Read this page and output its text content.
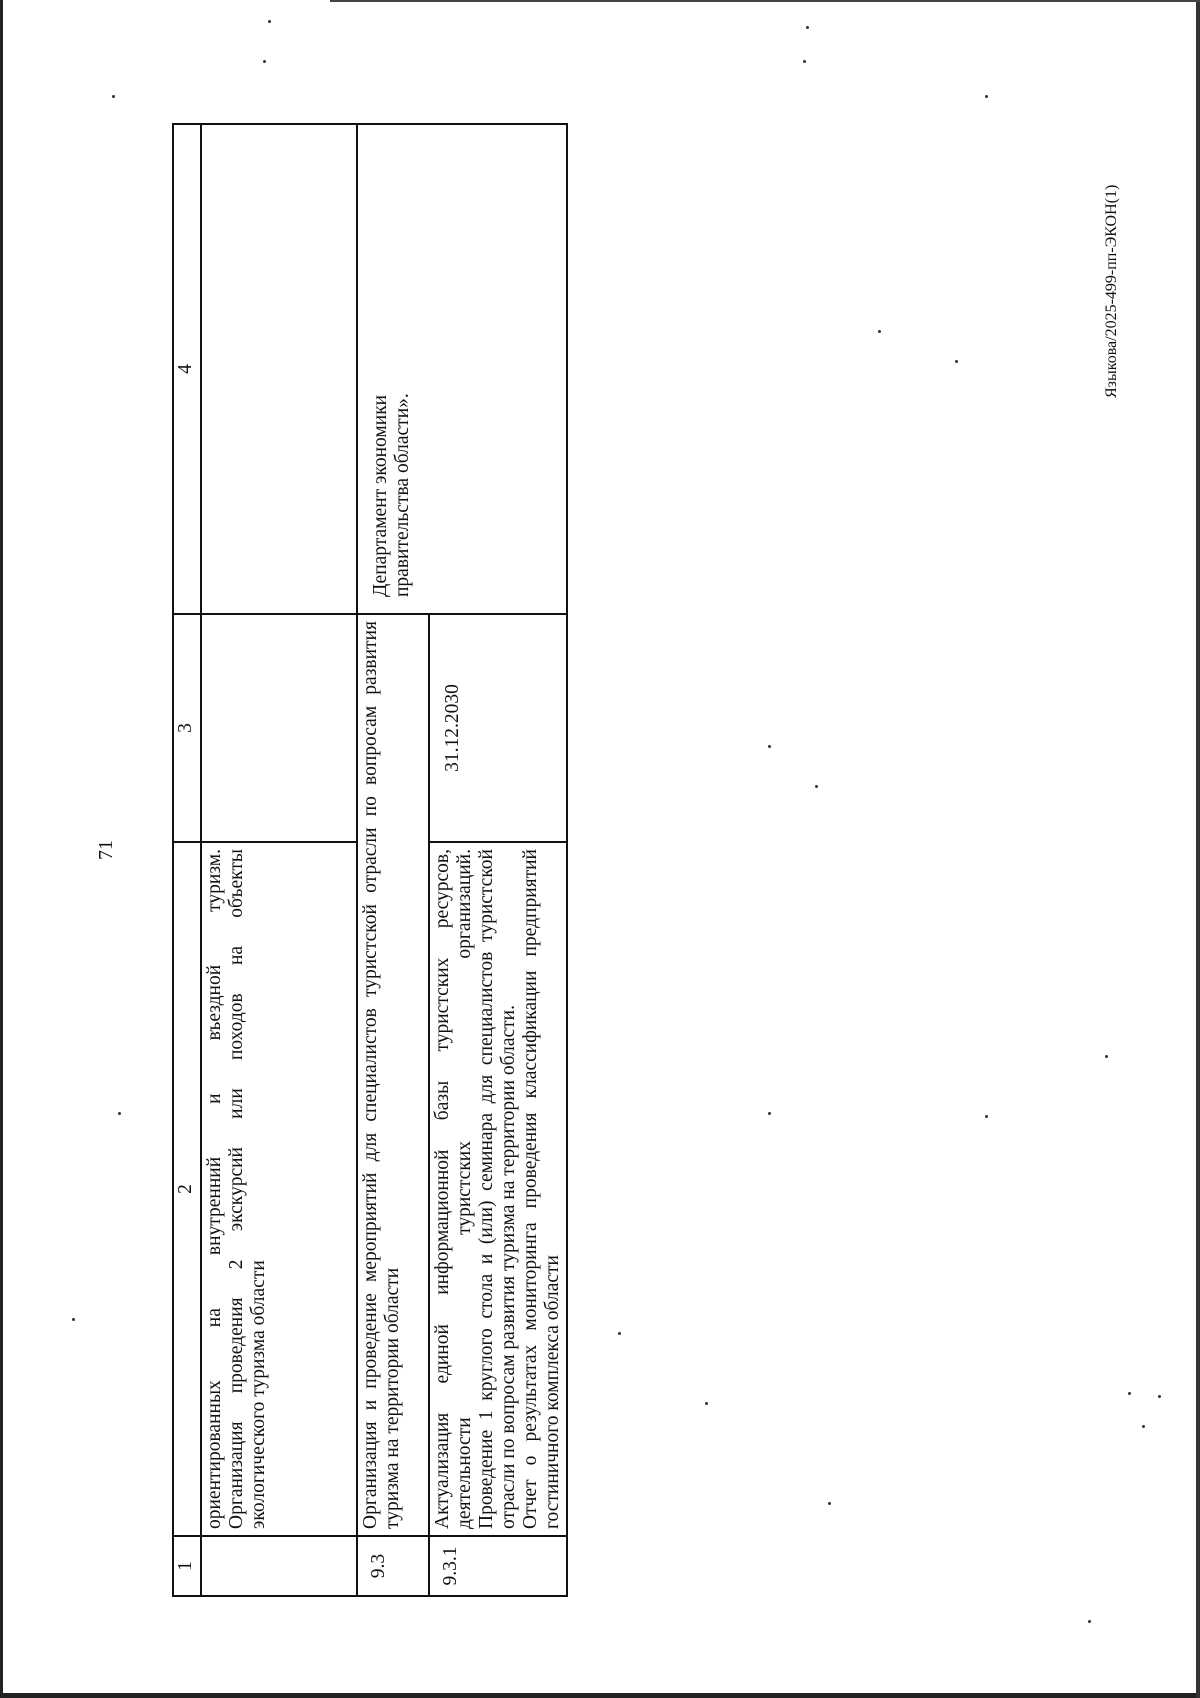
71
Языкова/2025-499-пп-ЭКОН(1)
1	2	3	4

	ориентированных на внутренний и въездной туризм. Организация проведения 2 экскурсий или походов на объекты экологического туризма области		

9.3	Организация и проведение мероприятий для специалистов туристской отрасли по вопросам развития туризма на территории области		Департамент экономики правительства области».

9.3.1	Актуализация единой информационной базы туристских ресурсов, деятельности туристских организаций. Проведение 1 круглого стола и (или) семинара для специалистов туристской отрасли по вопросам развития туризма на территории области. Отчет о результатах мониторинга проведения классификации предприятий гостиничного комплекса области	31.12.2030	
